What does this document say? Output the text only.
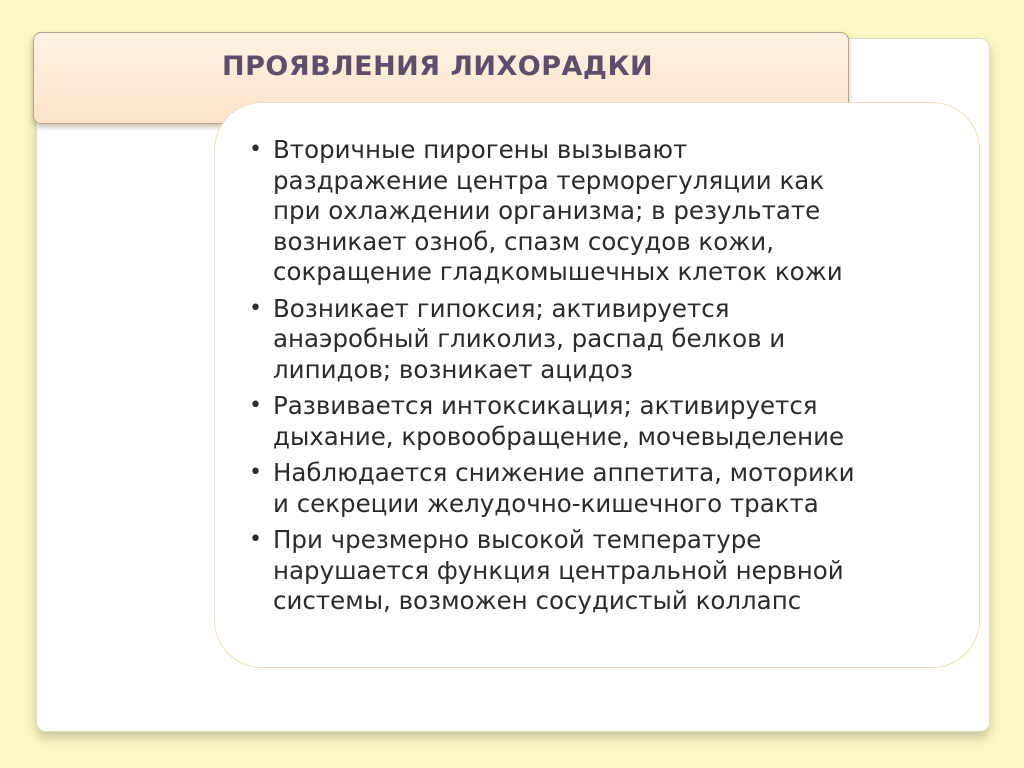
ПРОЯВЛЕНИЯ ЛИХОРАДКИ
• Вторичные пирогены вызывают
раздражение центра терморегуляции как
при охлаждении организма; в результате
возникает озноб, спазм сосудов кожи,
сокращение гладкомышечных клеток кожи
• Возникает гипоксия; активируется
анаэробный гликолиз, распад белков и
липидов; возникает ацидоз
• Развивается интоксикация; активируется
дыхание, кровообращение, мочевыделение
• Наблюдается снижение аппетита, моторики
и секреции желудочно-кишечного тракта
• При чрезмерно высокой температуре
нарушается функция центральной нервной
системы, возможен сосудистый коллапс
